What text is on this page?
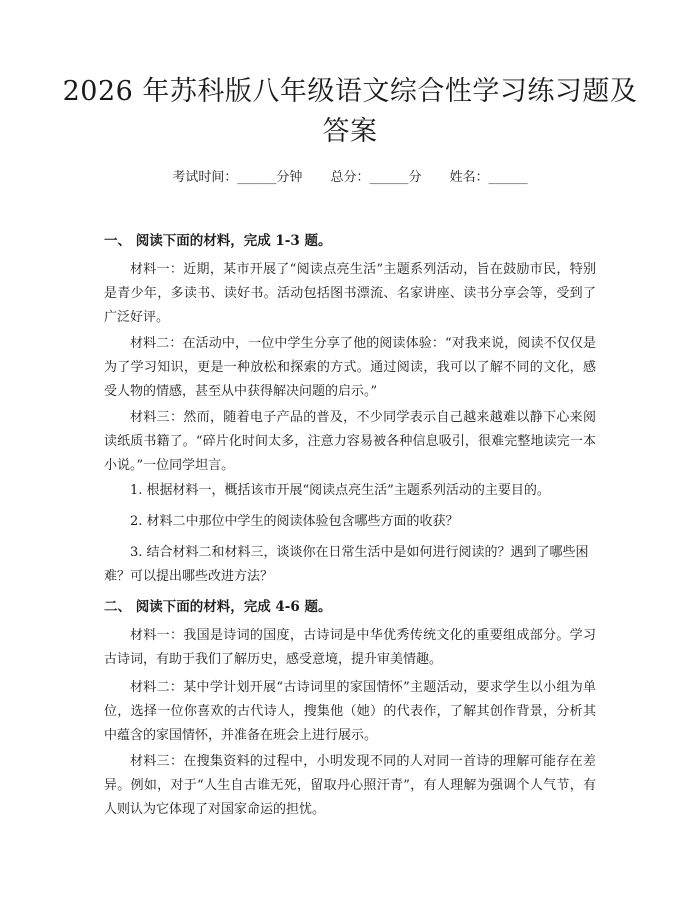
2026 年苏科版八年级语文综合性学习练习题及答案
考试时间：______分钟 总分：______分 姓名：______
一、 阅读下面的材料，完成 1-3 题。

材料一：近期，某市开展了“阅读点亮生活”主题系列活动，旨在鼓励市民，特别是青少年，多读书、读好书。活动包括图书漂流、名家讲座、读书分享会等，受到了广泛好评。

材料二：在活动中，一位中学生分享了他的阅读体验：“对我来说，阅读不仅仅是为了学习知识，更是一种放松和探索的方式。通过阅读，我可以了解不同的文化，感受人物的情感，甚至从中获得解决问题的启示。”

材料三：然而，随着电子产品的普及，不少同学表示自己越来越难以静下心来阅读纸质书籍了。“碎片化时间太多，注意力容易被各种信息吸引，很难完整地读完一本小说。”一位同学坦言。

1. 根据材料一，概括该市开展“阅读点亮生活”主题系列活动的主要目的。

2. 材料二中那位中学生的阅读体验包含哪些方面的收获？

3. 结合材料二和材料三，谈谈你在日常生活中是如何进行阅读的？遇到了哪些困难？可以提出哪些改进方法？

二、 阅读下面的材料，完成 4-6 题。

材料一：我国是诗词的国度，古诗词是中华优秀传统文化的重要组成部分。学习古诗词，有助于我们了解历史，感受意境，提升审美情趣。

材料二：某中学计划开展“古诗词里的家国情怀”主题活动，要求学生以小组为单位，选择一位你喜欢的古代诗人，搜集他（她）的代表作，了解其创作背景，分析其中蕴含的家国情怀，并准备在班会上进行展示。

材料三：在搜集资料的过程中，小明发现不同的人对同一首诗的理解可能存在差异。例如，对于“人生自古谁无死，留取丹心照汗青”，有人理解为强调个人气节，有人则认为它体现了对国家命运的担忧。
